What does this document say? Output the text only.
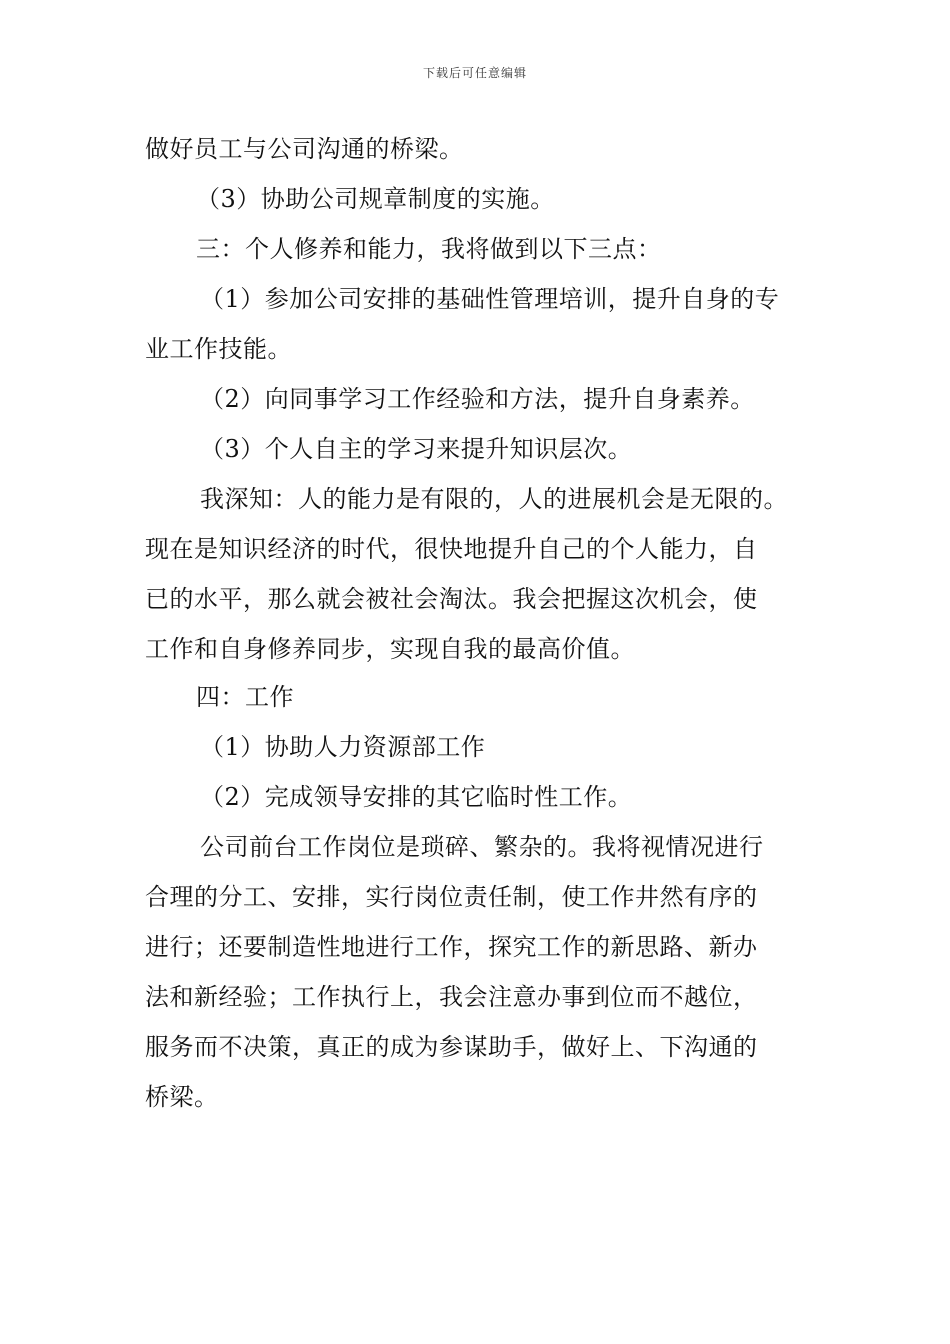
下载后可任意编辑
做好员工与公司沟通的桥梁。
（3）协助公司规章制度的实施。
三：个人修养和能力，我将做到以下三点：
（1）参加公司安排的基础性管理培训，提升自身的专
业工作技能。
（2）向同事学习工作经验和方法，提升自身素养。
（3）个人自主的学习来提升知识层次。
我深知：人的能力是有限的，人的进展机会是无限的。
现在是知识经济的时代，很快地提升自己的个人能力，自
已的水平，那么就会被社会淘汰。我会把握这次机会，使
工作和自身修养同步，实现自我的最高价值。
四：工作
（1）协助人力资源部工作
（2）完成领导安排的其它临时性工作。
公司前台工作岗位是琐碎、繁杂的。我将视情况进行
合理的分工、安排，实行岗位责任制，使工作井然有序的
进行；还要制造性地进行工作，探究工作的新思路、新办
法和新经验；工作执行上，我会注意办事到位而不越位，
服务而不决策，真正的成为参谋助手，做好上、下沟通的
桥梁。
